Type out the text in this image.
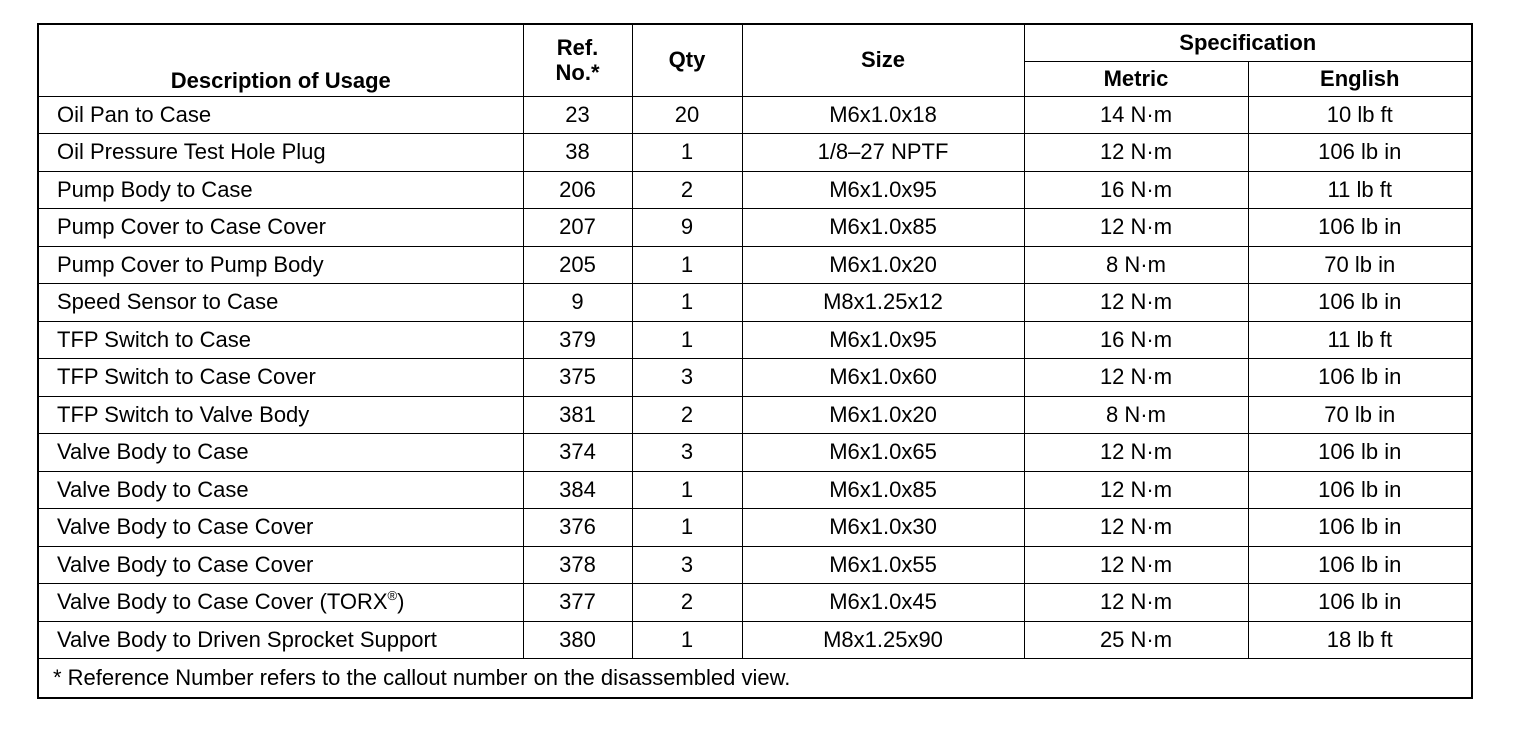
Description of Usage	Ref. No.*	Qty	Size	Specification	
				Metric	English
Oil Pan to Case	23	20	M6x1.0x18	14 N·m	10 lb ft
Oil Pressure Test Hole Plug	38	1	1/8–27 NPTF	12 N·m	106 lb in
Pump Body to Case	206	2	M6x1.0x95	16 N·m	11 lb ft
Pump Cover to Case Cover	207	9	M6x1.0x85	12 N·m	106 lb in
Pump Cover to Pump Body	205	1	M6x1.0x20	8 N·m	70 lb in
Speed Sensor to Case	9	1	M8x1.25x12	12 N·m	106 lb in
TFP Switch to Case	379	1	M6x1.0x95	16 N·m	11 lb ft
TFP Switch to Case Cover	375	3	M6x1.0x60	12 N·m	106 lb in
TFP Switch to Valve Body	381	2	M6x1.0x20	8 N·m	70 lb in
Valve Body to Case	374	3	M6x1.0x65	12 N·m	106 lb in
Valve Body to Case	384	1	M6x1.0x85	12 N·m	106 lb in
Valve Body to Case Cover	376	1	M6x1.0x30	12 N·m	106 lb in
Valve Body to Case Cover	378	3	M6x1.0x55	12 N·m	106 lb in
Valve Body to Case Cover (TORX®)	377	2	M6x1.0x45	12 N·m	106 lb in
Valve Body to Driven Sprocket Support	380	1	M8x1.25x90	25 N·m	18 lb ft
* Reference Number refers to the callout number on the disassembled view.					
